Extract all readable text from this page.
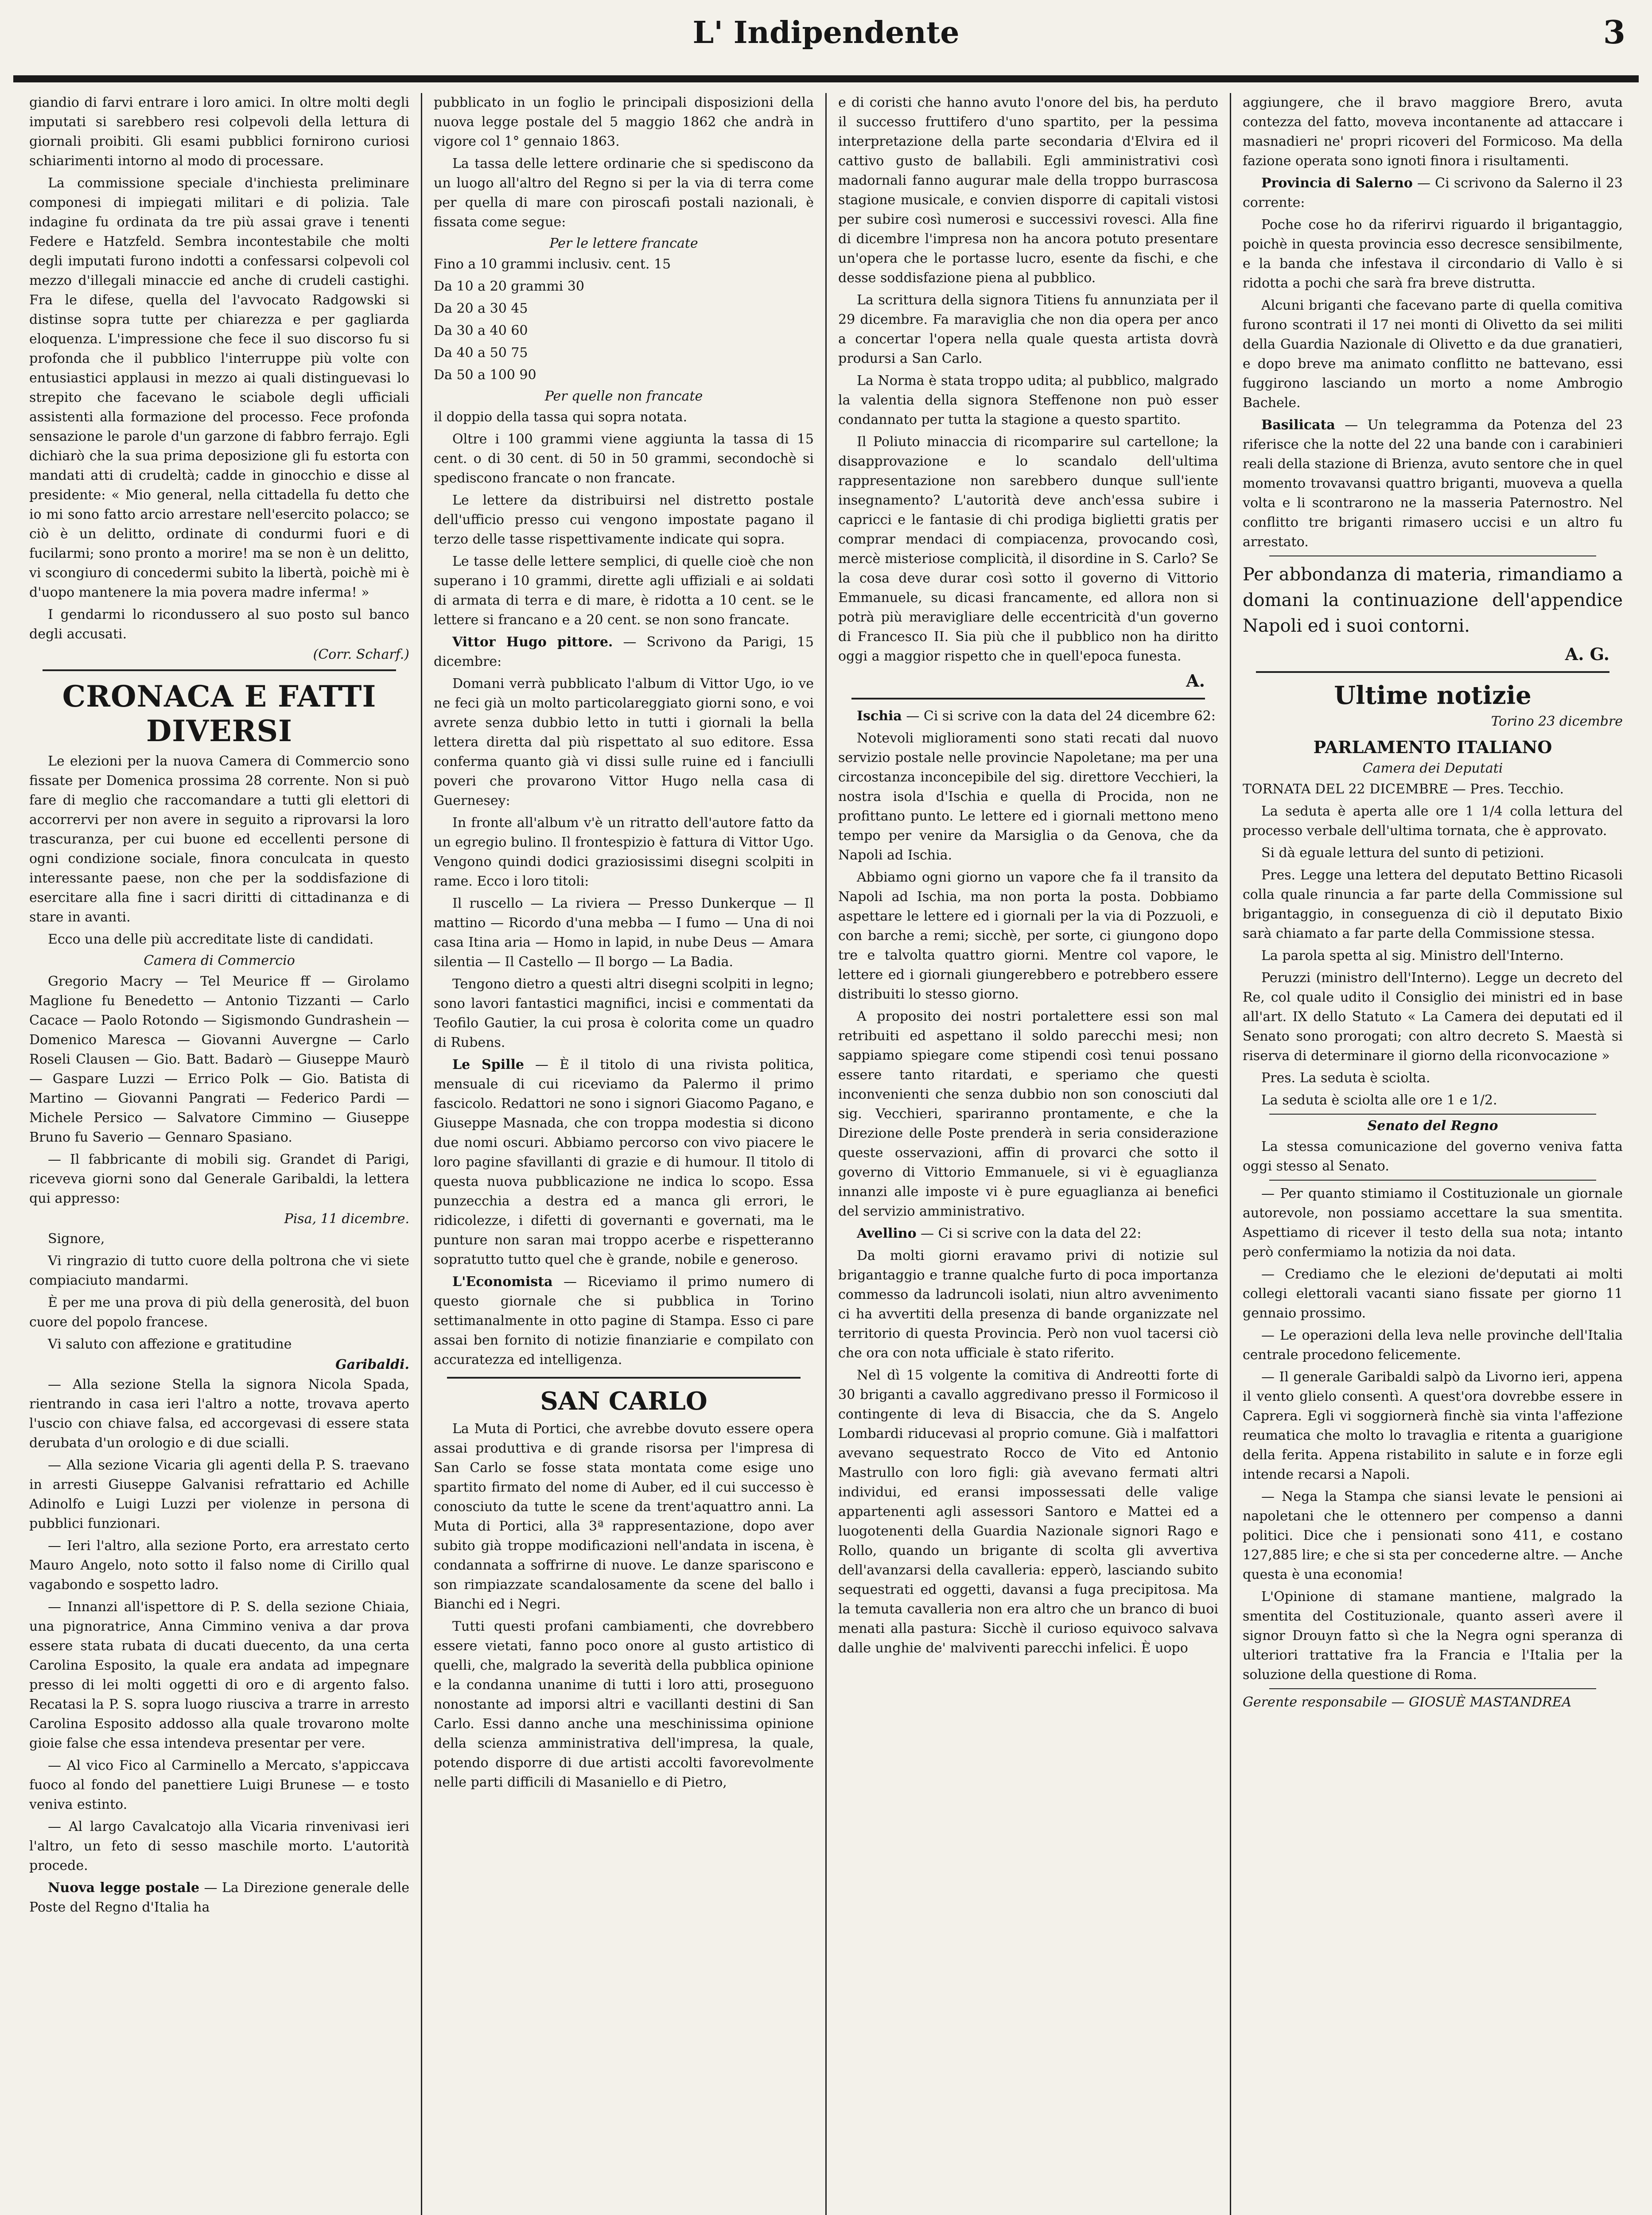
L' Indipendente	3

giandio di farvi entrare i loro amici. In oltre molti degli imputati si sarebbero resi colpevoli della lettura di giornali proibiti. Gli esami pubblici fornirono curiosi schiarimenti intorno al modo di processare.

La commissione speciale d'inchiesta preliminare componesi di impiegati militari e di polizia. Tale indagine fu ordinata da tre più assai grave i tenenti Federe e Hatzfeld. Sembra incontestabile che molti degli imputati furono indotti a confessarsi colpevoli col mezzo d'illegali minaccie ed anche di crudeli castighi. Fra le difese, quella del l'avvocato Radgowski si distinse sopra tutte per chiarezza e per gagliarda eloquenza. L'impressione che fece il suo discorso fu si profonda che il pubblico l'interruppe più volte con entusiastici applausi in mezzo ai quali distinguevasi lo strepito che facevano le sciabole degli ufficiali assistenti alla formazione del processo. Fece profonda sensazione le parole d'un garzone di fabbro ferrajo. Egli dichiarò che la sua prima deposizione gli fu estorta con mandati atti di crudeltà; cadde in ginocchio e disse al presidente: « Mio general, nella cittadella fu detto che io mi sono fatto arcio arrestare nell'esercito polacco; se ciò è un delitto, ordinate di condurmi fuori e di fucilarmi; sono pronto a morire! ma se non è un delitto, vi scongiuro di concedermi subito la libertà, poichè mi è d'uopo mantenere la mia povera madre inferma! »

I gendarmi lo ricondussero al suo posto sul banco degli accusati.

(Corr. Scharf.)
CRONACA E FATTI DIVERSI

Le elezioni per la nuova Camera di Commercio sono fissate per Domenica prossima 28 corrente. Non si può fare di meglio che raccomandare a tutti gli elettori di accorrervi per non avere in seguito a riprovarsi la loro trascuranza, per cui buone ed eccellenti persone di ogni condizione sociale, finora conculcata in questo interessante paese, non che per la soddisfazione di esercitare alla fine i sacri diritti di cittadinanza e di stare in avanti.

Ecco una delle più accreditate liste di candidati.

Camera di Commercio

Gregorio Macry — Tel Meurice ff — Girolamo Maglione fu Benedetto — Antonio Tizzanti — Carlo Cacace — Paolo Rotondo — Sigismondo Gundrashein — Domenico Maresca — Giovanni Auvergne — Carlo Roseli Clausen — Gio. Batt. Badarò — Giuseppe Maurò — Gaspare Luzzi — Errico Polk — Gio. Batista di Martino — Giovanni Pangrati — Federico Pardi — Michele Persico — Salvatore Cimmino — Giuseppe Bruno fu Saverio — Gennaro Spasiano.

— Il fabbricante di mobili sig. Grandet di Parigi, riceveva giorni sono dal Generale Garibaldi, la lettera qui appresso:

Pisa, 11 dicembre.

Signore,

Vi ringrazio di tutto cuore della poltrona che vi siete compiaciuto mandarmi.

È per me una prova di più della generosità, del buon cuore del popolo francese.

Vi saluto con affezione e gratitudine

Garibaldi.

— Alla sezione Stella la signora Nicola Spada, rientrando in casa ieri l'altro a notte, trovava aperto l'uscio con chiave falsa, ed accorgevasi di essere stata derubata d'un orologio e di due scialli.

— Alla sezione Vicaria gli agenti della P. S. traevano in arresti Giuseppe Galvanisi refrattario ed Achille Adinolfo e Luigi Luzzi per violenze in persona di pubblici funzionari.

— Ieri l'altro, alla sezione Porto, era arrestato certo Mauro Angelo, noto sotto il falso nome di Cirillo qual vagabondo e sospetto ladro.

— Innanzi all'ispettore di P. S. della sezione Chiaia, una pignoratrice, Anna Cimmino veniva a dar prova essere stata rubata di ducati duecento, da una certa Carolina Esposito, la quale era andata ad impegnare presso di lei molti oggetti di oro e di argento falso. Recatasi la P. S. sopra luogo riusciva a trarre in arresto Carolina Esposito addosso alla quale trovarono molte gioie false che essa intendeva presentar per vere.

— Al vico Fico al Carminello a Mercato, s'appiccava fuoco al fondo del panettiere Luigi Brunese — e tosto veniva estinto.

— Al largo Cavalcatojo alla Vicaria rinvenivasi ieri l'altro, un feto di sesso maschile morto. L'autorità procede.

Nuova legge postale — La Direzione generale delle Poste del Regno d'Italia ha

pubblicato in un foglio le principali disposizioni della nuova legge postale del 5 maggio 1862 che andrà in vigore col 1° gennaio 1863.

La tassa delle lettere ordinarie che si spediscono da un luogo all'altro del Regno si per la via di terra come per quella di mare con piroscafi postali nazionali, è fissata come segue:

Per le lettere francate

Fino a 10 grammi inclusiv. cent. 15

Da 10 a 20 grammi 30

Da 20 a 30 45

Da 30 a 40 60

Da 40 a 50 75

Da 50 a 100 90

Per quelle non francate

il doppio della tassa qui sopra notata.

Oltre i 100 grammi viene aggiunta la tassa di 15 cent. o di 30 cent. di 50 in 50 grammi, secondochè si spediscono francate o non francate.

Le lettere da distribuirsi nel distretto postale dell'ufficio presso cui vengono impostate pagano il terzo delle tasse rispettivamente indicate qui sopra.

Le tasse delle lettere semplici, di quelle cioè che non superano i 10 grammi, dirette agli uffiziali e ai soldati di armata di terra e di mare, è ridotta a 10 cent. se le lettere si francano e a 20 cent. se non sono francate.

Vittor Hugo pittore. — Scrivono da Parigi, 15 dicembre:

Domani verrà pubblicato l'album di Vittor Ugo, io ve ne feci già un molto particolareggiato giorni sono, e voi avrete senza dubbio letto in tutti i giornali la bella lettera diretta dal più rispettato al suo editore. Essa conferma quanto già vi dissi sulle ruine ed i fanciulli poveri che provarono Vittor Hugo nella casa di Guernesey:

In fronte all'album v'è un ritratto dell'autore fatto da un egregio bulino. Il frontespizio è fattura di Vittor Ugo. Vengono quindi dodici graziosissimi disegni scolpiti in rame. Ecco i loro titoli:

Il ruscello — La riviera — Presso Dunkerque — Il mattino — Ricordo d'una mebba — I fumo — Una di noi casa Itina aria — Homo in lapid, in nube Deus — Amara silentia — Il Castello — Il borgo — La Badia.

Tengono dietro a questi altri disegni scolpiti in legno; sono lavori fantastici magnifici, incisi e commentati da Teofilo Gautier, la cui prosa è colorita come un quadro di Rubens.

Le Spille — È il titolo di una rivista politica, mensuale di cui riceviamo da Palermo il primo fascicolo. Redattori ne sono i signori Giacomo Pagano, e Giuseppe Masnada, che con troppa modestia si dicono due nomi oscuri. Abbiamo percorso con vivo piacere le loro pagine sfavillanti di grazie e di humour. Il titolo di questa nuova pubblicazione ne indica lo scopo. Essa punzecchia a destra ed a manca gli errori, le ridicolezze, i difetti di governanti e governati, ma le punture non saran mai troppo acerbe e rispetteranno sopratutto tutto quel che è grande, nobile e generoso.

L'Economista — Riceviamo il primo numero di questo giornale che si pubblica in Torino settimanalmente in otto pagine di Stampa. Esso ci pare assai ben fornito di notizie finanziarie e compilato con accuratezza ed intelligenza.

SAN CARLO

La Muta di Portici, che avrebbe dovuto essere opera assai produttiva e di grande risorsa per l'impresa di San Carlo se fosse stata montata come esige uno spartito firmato del nome di Auber, ed il cui successo è conosciuto da tutte le scene da trent'aquattro anni. La Muta di Portici, alla 3ª rappresentazione, dopo aver subito già troppe modificazioni nell'andata in iscena, è condannata a soffrirne di nuove. Le danze spariscono e son rimpiazzate scandalosamente da scene del ballo i Bianchi ed i Negri.

Tutti questi profani cambiamenti, che dovrebbero essere vietati, fanno poco onore al gusto artistico di quelli, che, malgrado la severità della pubblica opinione e la condanna unanime di tutti i loro atti, proseguono nonostante ad imporsi altri e vacillanti destini di San Carlo. Essi danno anche una meschinissima opinione della scienza amministrativa dell'impresa, la quale, potendo disporre di due artisti accolti favorevolmente nelle parti difficili di Masaniello e di Pietro,

e di coristi che hanno avuto l'onore del bis, ha perduto il successo fruttifero d'uno spartito, per la pessima interpretazione della parte secondaria d'Elvira ed il cattivo gusto de ballabili. Egli amministrativi così madornali fanno augurar male della troppo burrascosa stagione musicale, e convien disporre di capitali vistosi per subire così numerosi e successivi rovesci. Alla fine di dicembre l'impresa non ha ancora potuto presentare un'opera che le portasse lucro, esente da fischi, e che desse soddisfazione piena al pubblico.

La scrittura della signora Titiens fu annunziata per il 29 dicembre. Fa maraviglia che non dia opera per anco a concertar l'opera nella quale questa artista dovrà prodursi a San Carlo.

La Norma è stata troppo udita; al pubblico, malgrado la valentia della signora Steffenone non può esser condannato per tutta la stagione a questo spartito.

Il Poliuto minaccia di ricomparire sul cartellone; la disapprovazione e lo scandalo dell'ultima rappresentazione non sarebbero dunque sull'iente insegnamento? L'autorità deve anch'essa subire i capricci e le fantasie di chi prodiga biglietti gratis per comprar mendaci di compiacenza, provocando così, mercè misteriose complicità, il disordine in S. Carlo? Se la cosa deve durar così sotto il governo di Vittorio Emmanuele, su dicasi francamente, ed allora non si potrà più meravigliare delle eccentricità d'un governo di Francesco II. Sia più che il pubblico non ha diritto oggi a maggior rispetto che in quell'epoca funesta.

A.

Ischia — Ci si scrive con la data del 24 dicembre 62:

Notevoli miglioramenti sono stati recati dal nuovo servizio postale nelle provincie Napoletane; ma per una circostanza inconcepibile del sig. direttore Vecchieri, la nostra isola d'Ischia e quella di Procida, non ne profittano punto. Le lettere ed i giornali mettono meno tempo per venire da Marsiglia o da Genova, che da Napoli ad Ischia.

Abbiamo ogni giorno un vapore che fa il transito da Napoli ad Ischia, ma non porta la posta. Dobbiamo aspettare le lettere ed i giornali per la via di Pozzuoli, e con barche a remi; sicchè, per sorte, ci giungono dopo tre e talvolta quattro giorni. Mentre col vapore, le lettere ed i giornali giungerebbero e potrebbero essere distribuiti lo stesso giorno.

A proposito dei nostri portalettere essi son mal retribuiti ed aspettano il soldo parecchi mesi; non sappiamo spiegare come stipendi così tenui possano essere tanto ritardati, e speriamo che questi inconvenienti che senza dubbio non son conosciuti dal sig. Vecchieri, spariranno prontamente, e che la Direzione delle Poste prenderà in seria considerazione queste osservazioni, affin di provarci che sotto il governo di Vittorio Emmanuele, si vi è eguaglianza innanzi alle imposte vi è pure eguaglianza ai benefici del servizio amministrativo.

Avellino — Ci si scrive con la data del 22:

Da molti giorni eravamo privi di notizie sul brigantaggio e tranne qualche furto di poca importanza commesso da ladruncoli isolati, niun altro avvenimento ci ha avvertiti della presenza di bande organizzate nel territorio di questa Provincia. Però non vuol tacersi ciò che ora con nota ufficiale è stato riferito.

Nel dì 15 volgente la comitiva di Andreotti forte di 30 briganti a cavallo aggredivano presso il Formicoso il contingente di leva di Bisaccia, che da S. Angelo Lombardi riducevasi al proprio comune. Già i malfattori avevano sequestrato Rocco de Vito ed Antonio Mastrullo con loro figli: già avevano fermati altri individui, ed eransi impossessati delle valige appartenenti agli assessori Santoro e Mattei ed a luogotenenti della Guardia Nazionale signori Rago e Rollo, quando un brigante di scolta gli avvertiva dell'avanzarsi della cavalleria: epperò, lasciando subito sequestrati ed oggetti, davansi a fuga precipitosa. Ma la temuta cavalleria non era altro che un branco di buoi menati alla pastura: Sicchè il curioso equivoco salvava dalle unghie de' malviventi parecchi infelici. È uopo

aggiungere, che il bravo maggiore Brero, avuta contezza del fatto, moveva incontanente ad attaccare i masnadieri ne' propri ricoveri del Formicoso. Ma della fazione operata sono ignoti finora i risultamenti.

Provincia di Salerno — Ci scrivono da Salerno il 23 corrente:

Poche cose ho da riferirvi riguardo il brigantaggio, poichè in questa provincia esso decresce sensibilmente, e la banda che infestava il circondario di Vallo è si ridotta a pochi che sarà fra breve distrutta.

Alcuni briganti che facevano parte di quella comitiva furono scontrati il 17 nei monti di Olivetto da sei militi della Guardia Nazionale di Olivetto e da due granatieri, e dopo breve ma animato conflitto ne battevano, essi fuggirono lasciando un morto a nome Ambrogio Bachele.

Basilicata — Un telegramma da Potenza del 23 riferisce che la notte del 22 una bande con i carabinieri reali della stazione di Brienza, avuto sentore che in quel momento trovavansi quattro briganti, muoveva a quella volta e li scontrarono ne la masseria Paternostro. Nel conflitto tre briganti rimasero uccisi e un altro fu arrestato.

Per abbondanza di materia, rimandiamo a domani la continuazione dell'appendice Napoli ed i suoi contorni.

A. G.
Ultime notizie
Torino 23 dicembre
PARLAMENTO ITALIANO
Camera dei Deputati

TORNATA DEL 22 DICEMBRE — Pres. Tecchio.

La seduta è aperta alle ore 1 1/4 colla lettura del processo verbale dell'ultima tornata, che è approvato.

Si dà eguale lettura del sunto di petizioni.

Pres. Legge una lettera del deputato Bettino Ricasoli colla quale rinuncia a far parte della Commissione sul brigantaggio, in conseguenza di ciò il deputato Bixio sarà chiamato a far parte della Commissione stessa.

La parola spetta al sig. Ministro dell'Interno.

Peruzzi (ministro dell'Interno). Legge un decreto del Re, col quale udito il Consiglio dei ministri ed in base all'art. IX dello Statuto « La Camera dei deputati ed il Senato sono prorogati; con altro decreto S. Maestà si riserva di determinare il giorno della riconvocazione »

Pres. La seduta è sciolta.

La seduta è sciolta alle ore 1 e 1/2.

Senato del Regno

La stessa comunicazione del governo veniva fatta oggi stesso al Senato.

— Per quanto stimiamo il Costituzionale un giornale autorevole, non possiamo accettare la sua smentita. Aspettiamo di ricever il testo della sua nota; intanto però confermiamo la notizia da noi data.

— Crediamo che le elezioni de'deputati ai molti collegi elettorali vacanti siano fissate per giorno 11 gennaio prossimo.

— Le operazioni della leva nelle provinche dell'Italia centrale procedono felicemente.

— Il generale Garibaldi salpò da Livorno ieri, appena il vento glielo consentì. A quest'ora dovrebbe essere in Caprera. Egli vi soggiornerà finchè sia vinta l'affezione reumatica che molto lo travaglia e ritenta a guarigione della ferita. Appena ristabilito in salute e in forze egli intende recarsi a Napoli.

— Nega la Stampa che siansi levate le pensioni ai napoletani che le ottennero per compenso a danni politici. Dice che i pensionati sono 411, e costano 127,885 lire; e che si sta per concederne altre. — Anche questa è una economia!

L'Opinione di stamane mantiene, malgrado la smentita del Costituzionale, quanto asserì avere il signor Drouyn fatto sì che la Negra ogni speranza di ulteriori trattative fra la Francia e l'Italia per la soluzione della questione di Roma.

Gerente responsabile — GIOSUÈ MASTANDREA
